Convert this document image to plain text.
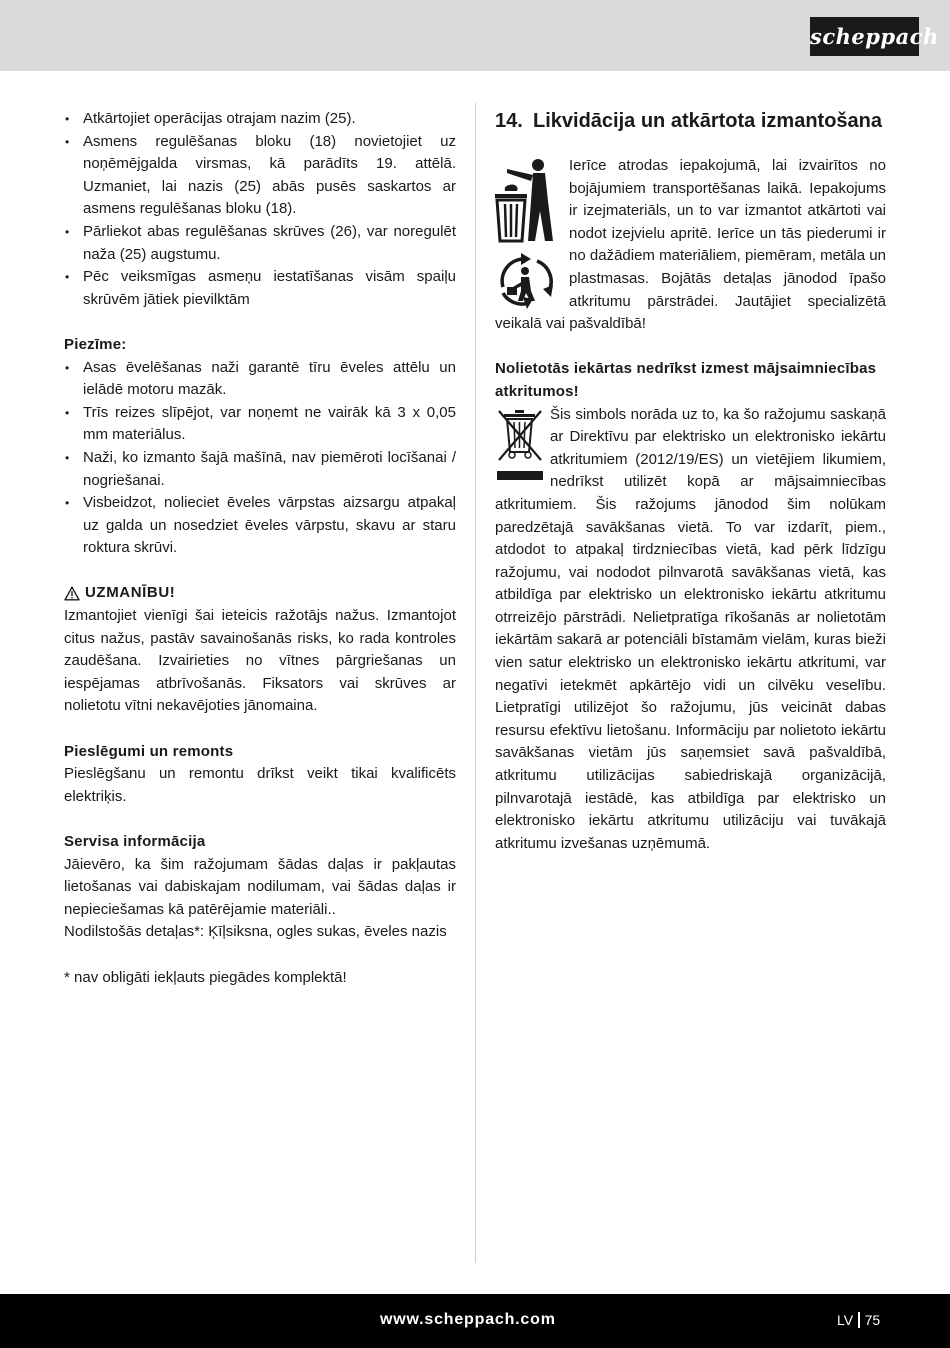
scheppach
• Atkārtojiet operācijas otrajam nazim (25).
• Asmens regulēšanas bloku (18) novietojiet uz noņēmējgalda virsmas, kā parādīts 19. attēlā. Uzmaniet, lai nazis (25) abās pusēs saskartos ar asmens regulēšanas bloku (18).
• Pārliekot abas regulēšanas skrūves (26), var noregulēt naža (25) augstumu.
• Pēc veiksmīgas asmeņu iestatīšanas visām spaiļu skrūvēm jātiek pievilktām
Piezīme:
• Asas ēvelēšanas naži garantē tīru ēveles attēlu un ielādē motoru mazāk.
• Trīs reizes slīpējot, var noņemt ne vairāk kā 3 x 0,05 mm materiālus.
• Naži, ko izmanto šajā mašīnā, nav piemēroti locīšanai / nogriešanai.
• Visbeidzot, nolieciet ēveles vārpstas aizsargu atpakaļ uz galda un nosedziet ēveles vārpstu, skavu ar staru roktura skrūvi.
UZMANĪBU!

Izmantojiet vienīgi šai ieteicis ražotājs nažus. Izmantojot citus nažus, pastāv savainošanās risks, ko rada kontroles zaudēšana. Izvairieties no vītnes pārgriešanas un iespējamas atbrīvošanās. Fiksators vai skrūves ar nolietotu vītni nekavējoties jānomaina.

Pieslēgumi un remonts

Pieslēgšanu un remontu drīkst veikt tikai kvalificēts elektriķis.

Servisa informācija

Jāievēro, ka šim ražojumam šādas daļas ir pakļautas lietošanas vai dabiskajam nodilumam, vai šādas daļas ir nepieciešamas kā patērējamie materiāli..

Nodilstošās detaļas*: Ķīļsiksna, ogles sukas, ēveles nazis

* nav obligāti iekļauts piegādes komplektā!

14. Likvidācija un atkārtota izmantošana

Ierīce atrodas iepakojumā, lai izvairītos no bojājumiem transportēšanas laikā. Iepakojums ir izejmateriāls, un to var izmantot atkārtoti vai nodot izejvielu apritē. Ierīce un tās piederumi ir no dažādiem materiāliem, piemēram, metāla un plastmasas. Bojātās detaļas jānodod īpašo atkritumu pārstrādei. Jautājiet specializētā veikalā vai pašvaldībā!

Nolietotās iekārtas nedrīkst izmest mājsaimniecības atkritumos!

Šis simbols norāda uz to, ka šo ražojumu saskaņā ar Direktīvu par elektrisko un elektronisko iekārtu atkritumiem (2012/19/ES) un vietējiem likumiem, nedrīkst utilizēt kopā ar mājsaimniecības atkritumiem. Šis ražojums jānodod šim nolūkam paredzētajā savākšanas vietā. To var izdarīt, piem., atdodot to atpakaļ tirdzniecības vietā, kad pērk līdzīgu ražojumu, vai nododot pilnvarotā savākšanas vietā, kas atbildīga par elektrisko un elektronisko iekārtu atkritumu otrreizējo pārstrādi. Nelietpratīga rīkošanās ar nolietotām iekārtām sakarā ar potenciāli bīstamām vielām, kuras bieži vien satur elektrisko un elektronisko iekārtu atkritumi, var negatīvi ietekmēt apkārtējo vidi un cilvēku veselību. Lietpratīgi utilizējot šo ražojumu, jūs veicināt dabas resursu efektīvu lietošanu. Informāciju par nolietoto iekārtu savākšanas vietām jūs saņemsiet savā pašvaldībā, atkritumu utilizācijas sabiedriskajā organizācijā, pilnvarotajā iestādē, kas atbildīga par elektrisko un elektronisko iekārtu atkritumu utilizāciju vai tuvākajā atkritumu izvešanas uzņēmumā.

www.scheppach.com	LV 75
